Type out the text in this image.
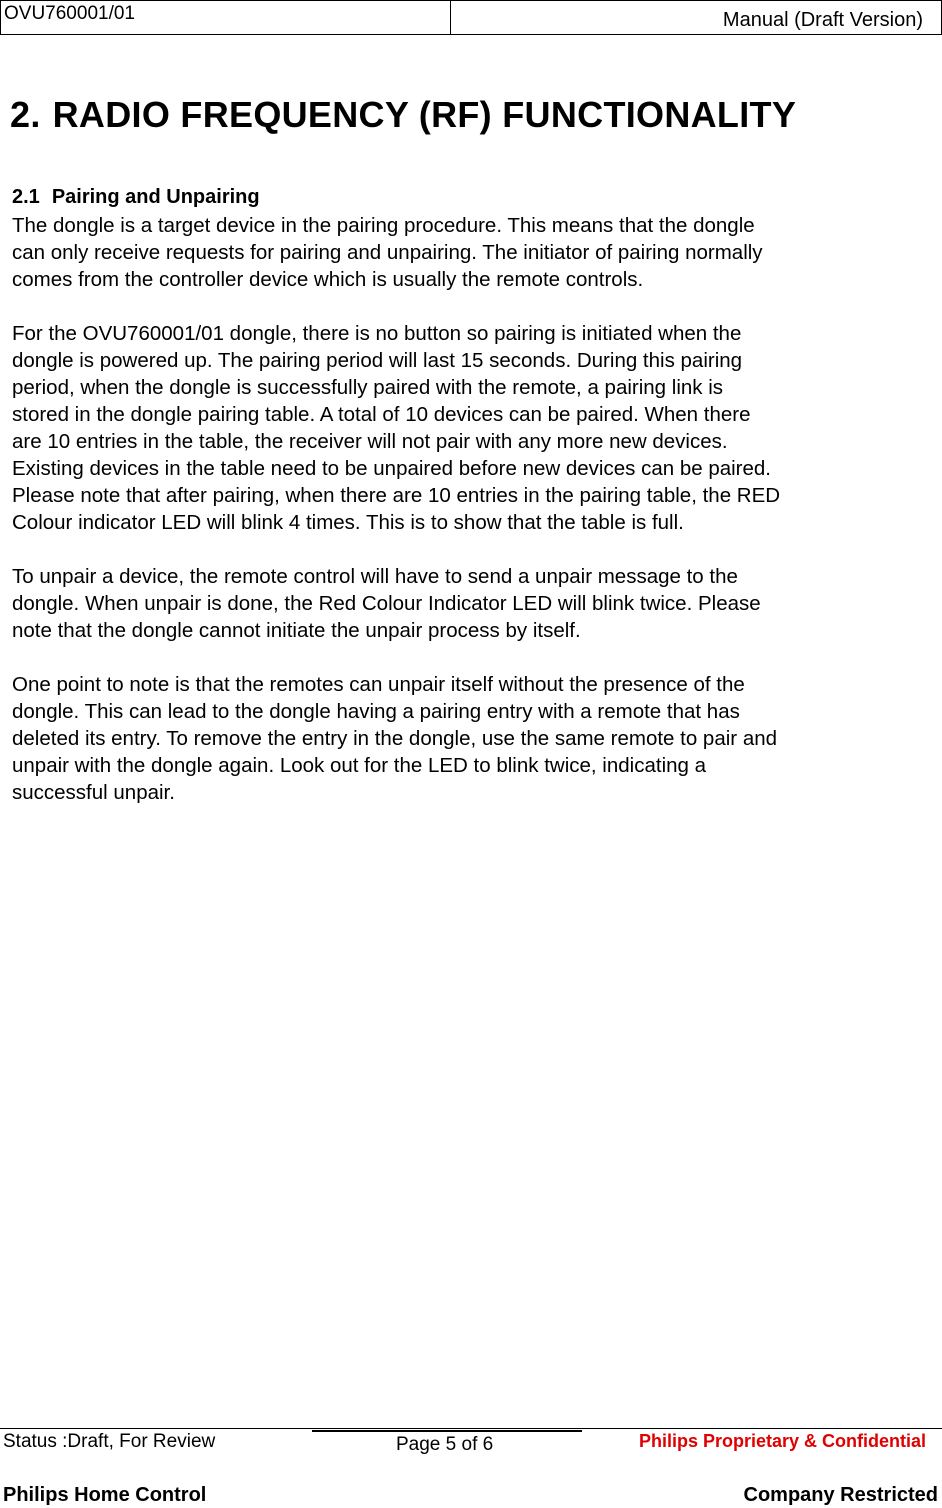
OVU760001/01	Manual (Draft Version)
2. RADIO FREQUENCY (RF) FUNCTIONALITY
2.1 Pairing and Unpairing

The dongle is a target device in the pairing procedure. This means that the dongle
can only receive requests for pairing and unpairing. The initiator of pairing normally
comes from the controller device which is usually the remote controls.

For the OVU760001/01 dongle, there is no button so pairing is initiated when the
dongle is powered up. The pairing period will last 15 seconds. During this pairing
period, when the dongle is successfully paired with the remote, a pairing link is
stored in the dongle pairing table. A total of 10 devices can be paired. When there
are 10 entries in the table, the receiver will not pair with any more new devices.
Existing devices in the table need to be unpaired before new devices can be paired.
Please note that after pairing, when there are 10 entries in the pairing table, the RED
Colour indicator LED will blink 4 times. This is to show that the table is full.

To unpair a device, the remote control will have to send a unpair message to the
dongle. When unpair is done, the Red Colour Indicator LED will blink twice. Please
note that the dongle cannot initiate the unpair process by itself.

One point to note is that the remotes can unpair itself without the presence of the
dongle. This can lead to the dongle having a pairing entry with a remote that has
deleted its entry. To remove the entry in the dongle, use the same remote to pair and
unpair with the dongle again. Look out for the LED to blink twice, indicating a
successful unpair.

Status :Draft, For Review	Page 5 of 6	Philips Proprietary & Confidential
Philips Home Control	Company Restricted
